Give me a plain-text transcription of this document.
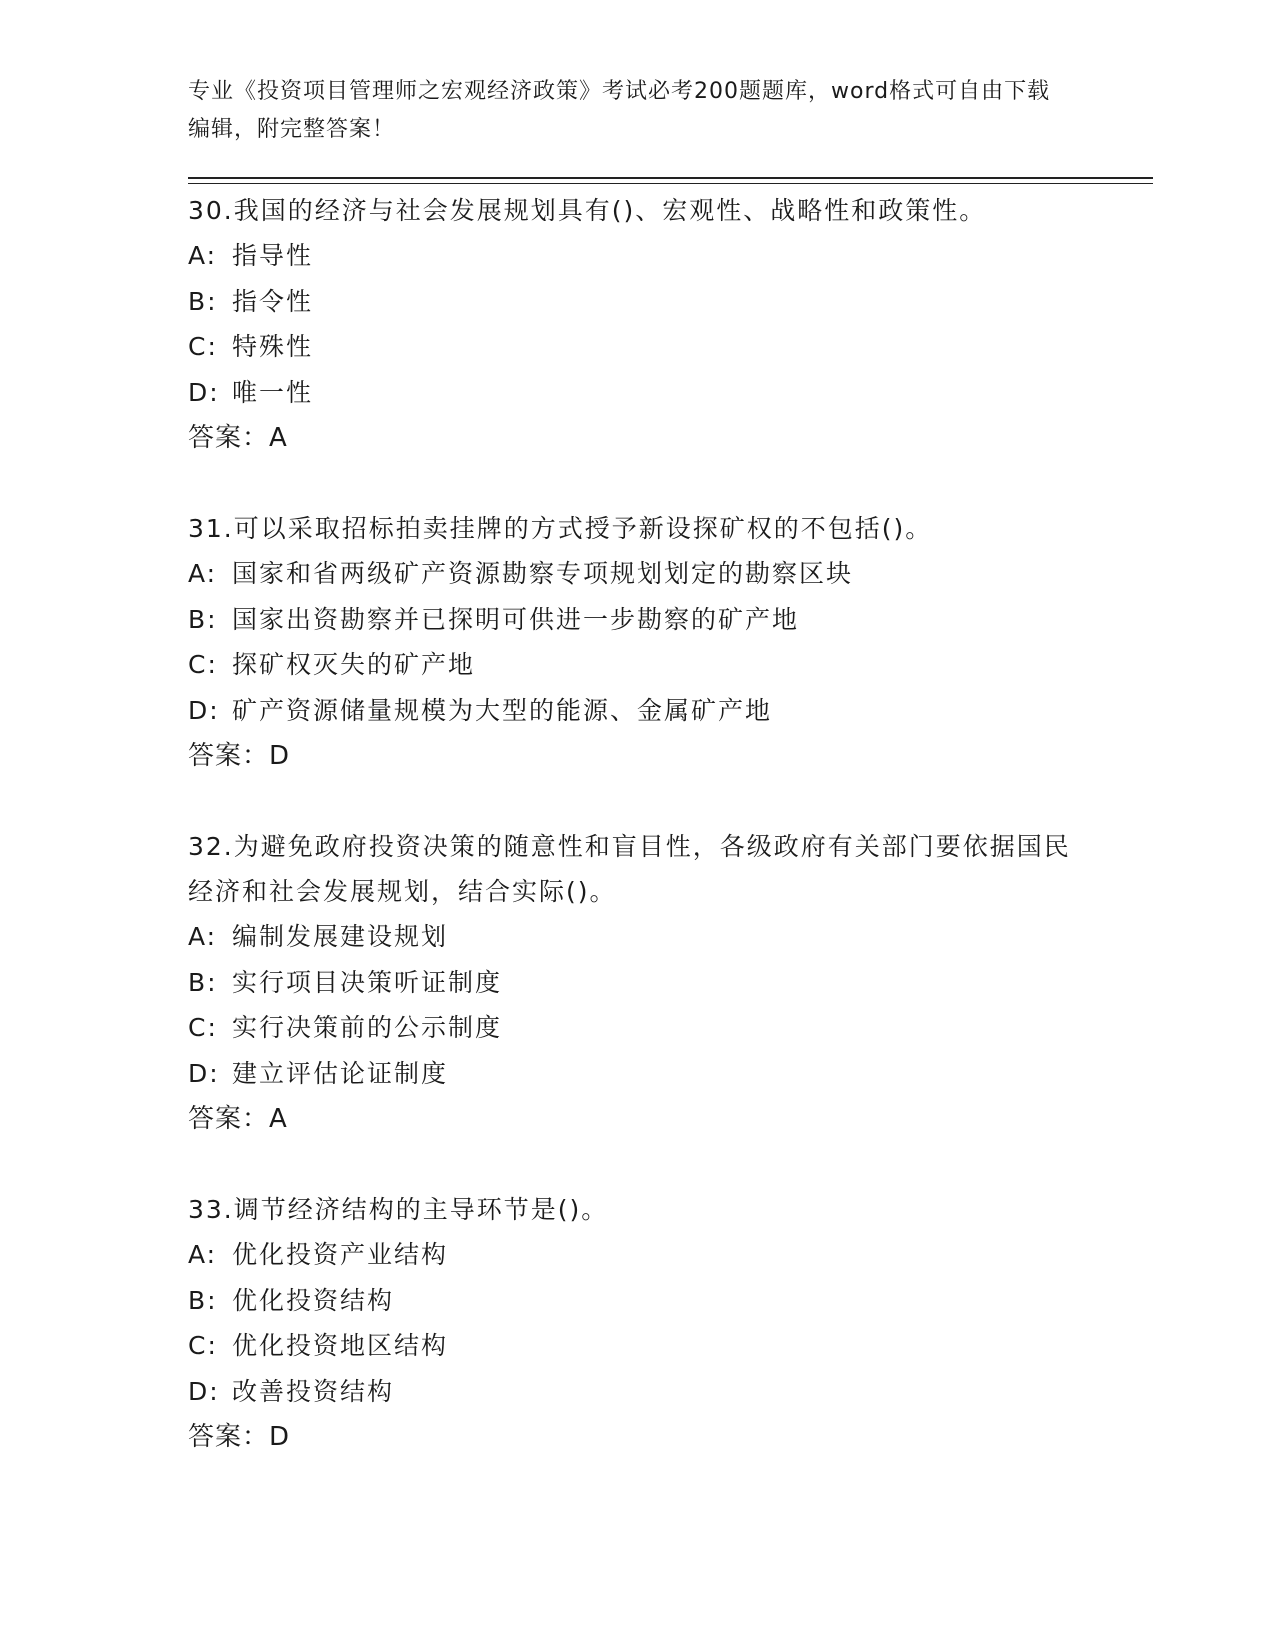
专业《投资项目管理师之宏观经济政策》考试必考200题题库，word格式可自由下载编辑，附完整答案！
30.我国的经济与社会发展规划具有()、宏观性、战略性和政策性。
A: 指导性
B: 指令性
C: 特殊性
D: 唯一性
答案：A
31.可以采取招标拍卖挂牌的方式授予新设探矿权的不包括()。
A: 国家和省两级矿产资源勘察专项规划划定的勘察区块
B: 国家出资勘察并已探明可供进一步勘察的矿产地
C: 探矿权灭失的矿产地
D: 矿产资源储量规模为大型的能源、金属矿产地
答案：D
32.为避免政府投资决策的随意性和盲目性，各级政府有关部门要依据国民经济和社会发展规划，结合实际()。
A: 编制发展建设规划
B: 实行项目决策听证制度
C: 实行决策前的公示制度
D: 建立评估论证制度
答案：A
33.调节经济结构的主导环节是()。
A: 优化投资产业结构
B: 优化投资结构
C: 优化投资地区结构
D: 改善投资结构
答案：D
